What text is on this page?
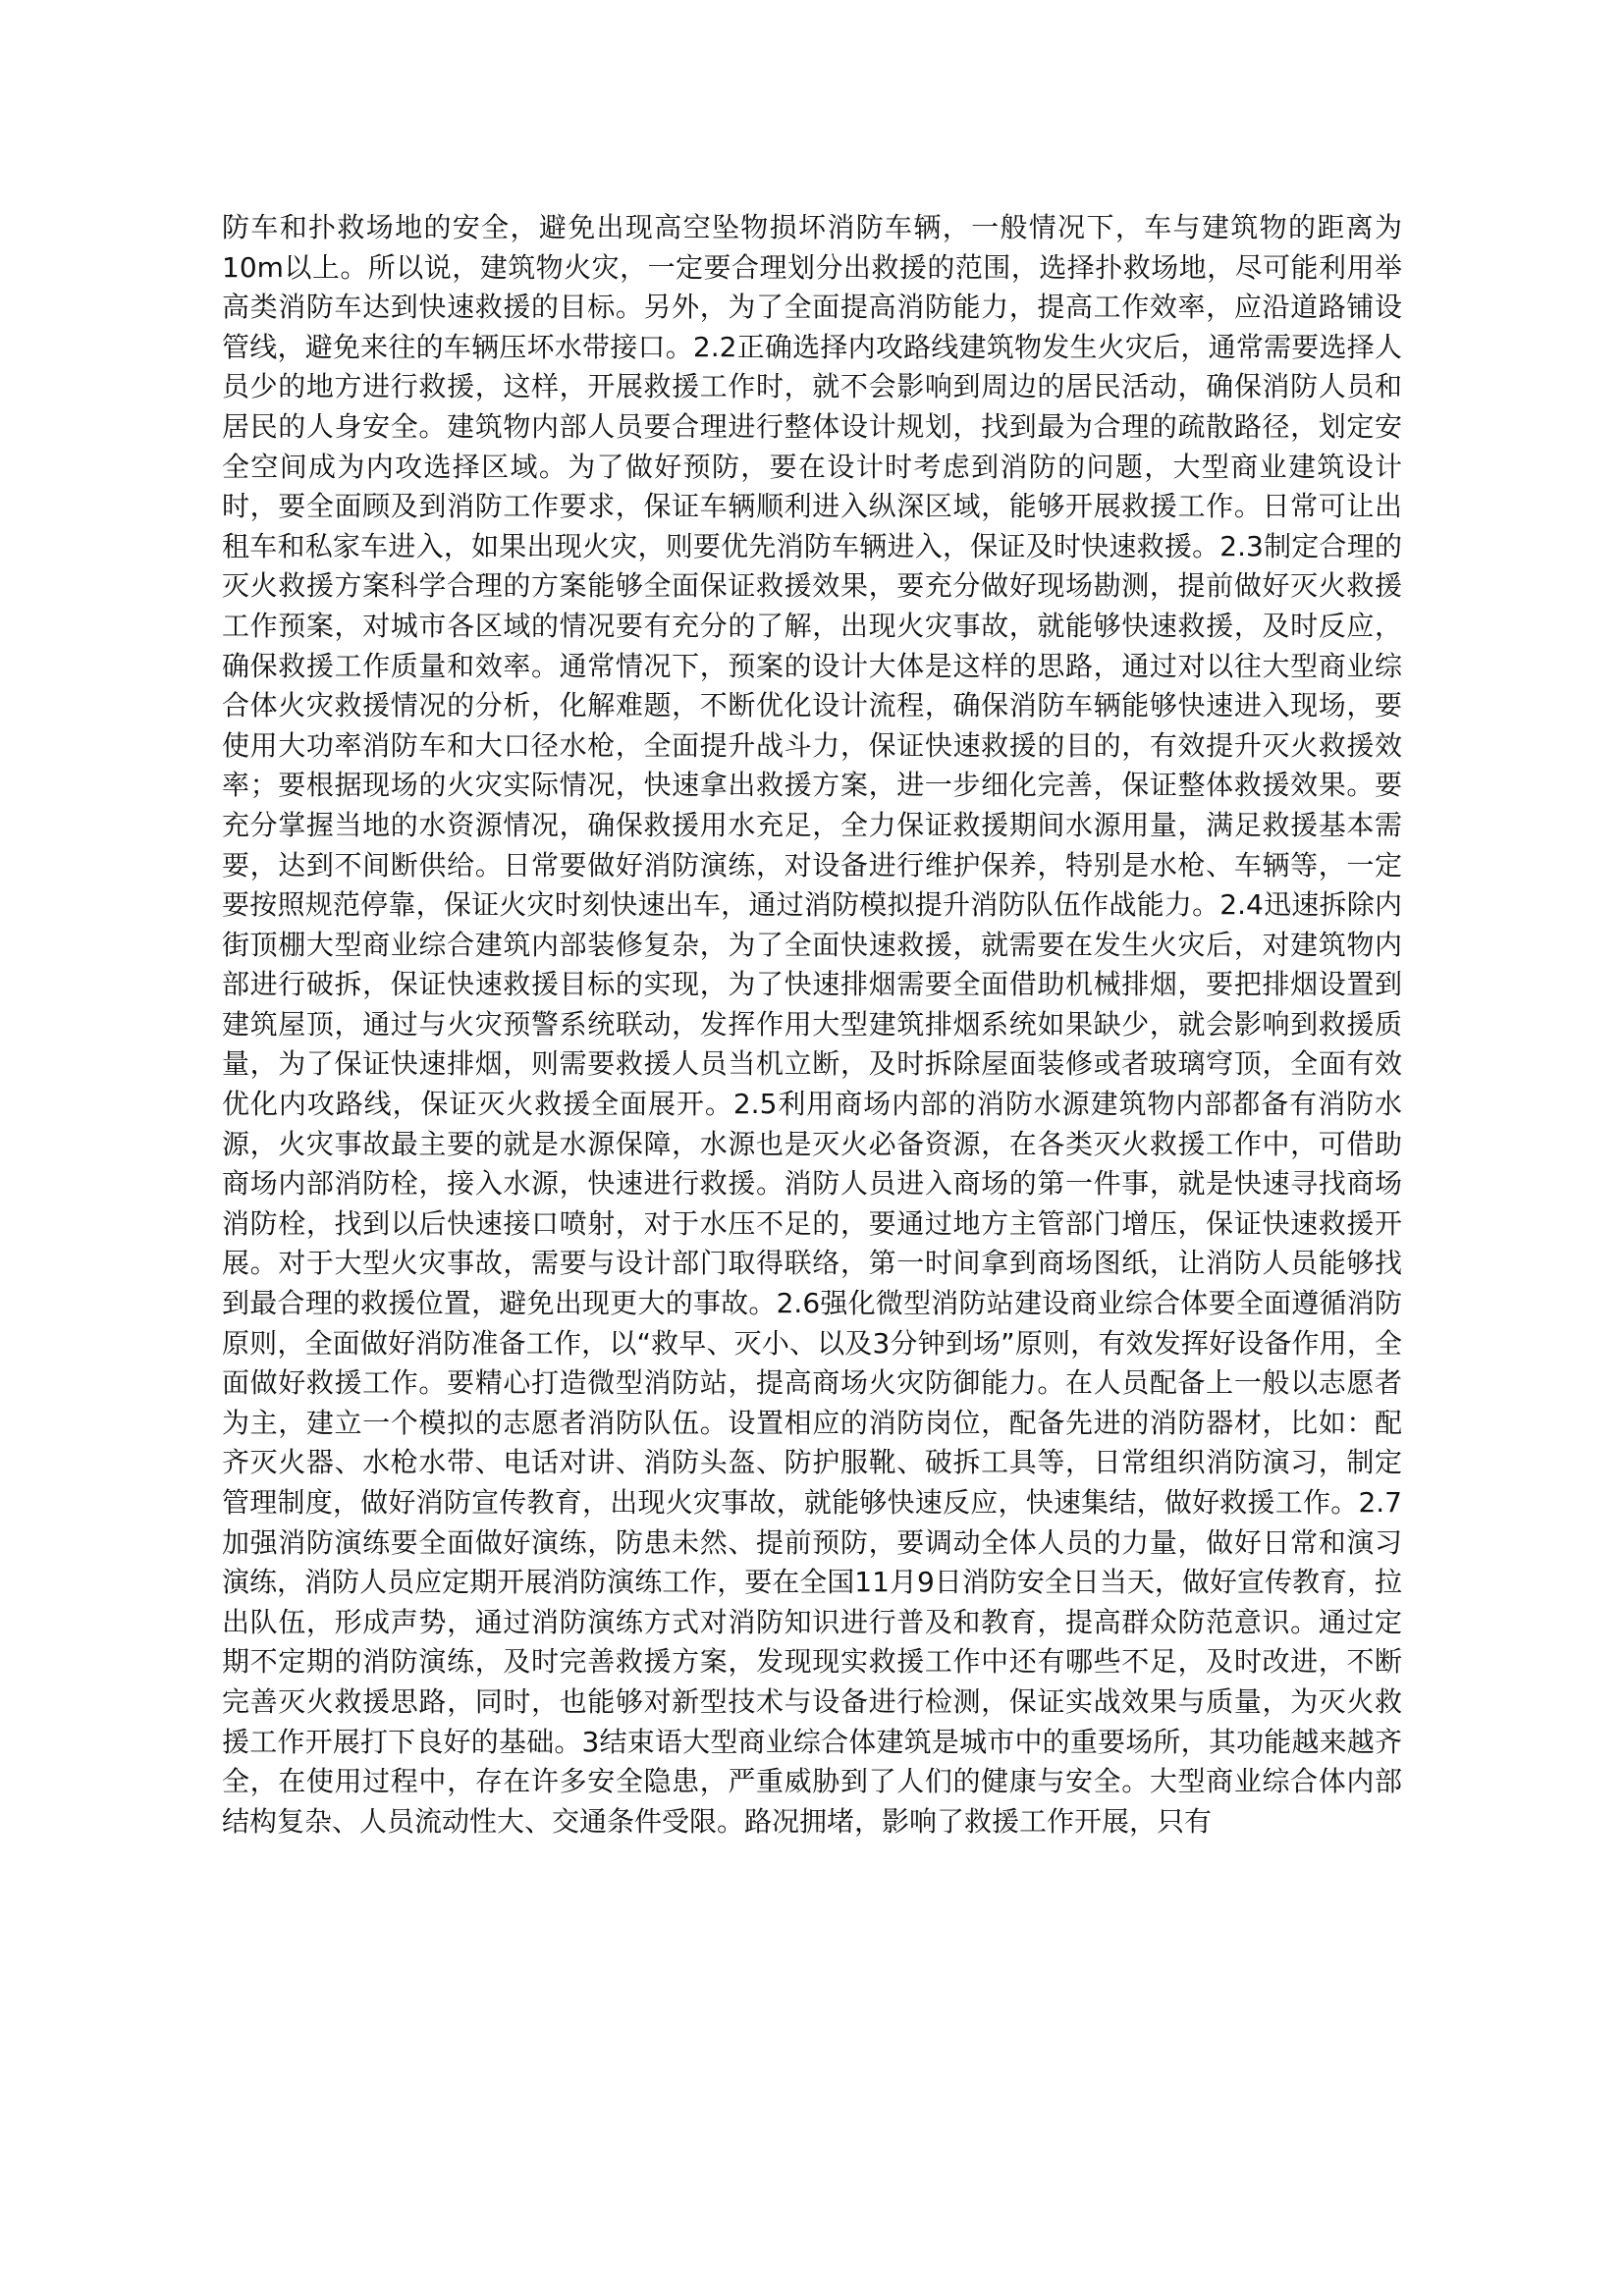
防车和扑救场地的安全，避免出现高空坠物损坏消防车辆，一般情况下，车与建筑物的距离为10m以上。所以说，建筑物火灾，一定要合理划分出救援的范围，选择扑救场地，尽可能利用举高类消防车达到快速救援的目标。另外，为了全面提高消防能力，提高工作效率，应沿道路铺设管线，避免来往的车辆压坏水带接口。2.2正确选择内攻路线建筑物发生火灾后，通常需要选择人员少的地方进行救援，这样，开展救援工作时，就不会影响到周边的居民活动，确保消防人员和居民的人身安全。建筑物内部人员要合理进行整体设计规划，找到最为合理的疏散路径，划定安全空间成为内攻选择区域。为了做好预防，要在设计时考虑到消防的问题，大型商业建筑设计时，要全面顾及到消防工作要求，保证车辆顺利进入纵深区域，能够开展救援工作。日常可让出租车和私家车进入，如果出现火灾，则要优先消防车辆进入，保证及时快速救援。2.3制定合理的灭火救援方案科学合理的方案能够全面保证救援效果，要充分做好现场勘测，提前做好灭火救援工作预案，对城市各区域的情况要有充分的了解，出现火灾事故，就能够快速救援，及时反应，确保救援工作质量和效率。通常情况下，预案的设计大体是这样的思路，通过对以往大型商业综合体火灾救援情况的分析，化解难题，不断优化设计流程，确保消防车辆能够快速进入现场，要使用大功率消防车和大口径水枪，全面提升战斗力，保证快速救援的目的，有效提升灭火救援效率；要根据现场的火灾实际情况，快速拿出救援方案，进一步细化完善，保证整体救援效果。要充分掌握当地的水资源情况，确保救援用水充足，全力保证救援期间水源用量，满足救援基本需要，达到不间断供给。日常要做好消防演练，对设备进行维护保养，特别是水枪、车辆等，一定要按照规范停靠，保证火灾时刻快速出车，通过消防模拟提升消防队伍作战能力。2.4迅速拆除内街顶棚大型商业综合建筑内部装修复杂，为了全面快速救援，就需要在发生火灾后，对建筑物内部进行破拆，保证快速救援目标的实现，为了快速排烟需要全面借助机械排烟，要把排烟设置到建筑屋顶，通过与火灾预警系统联动，发挥作用大型建筑排烟系统如果缺少，就会影响到救援质量，为了保证快速排烟，则需要救援人员当机立断，及时拆除屋面装修或者玻璃穹顶，全面有效优化内攻路线，保证灭火救援全面展开。2.5利用商场内部的消防水源建筑物内部都备有消防水源，火灾事故最主要的就是水源保障，水源也是灭火必备资源，在各类灭火救援工作中，可借助商场内部消防栓，接入水源，快速进行救援。消防人员进入商场的第一件事，就是快速寻找商场消防栓，找到以后快速接口喷射，对于水压不足的，要通过地方主管部门增压，保证快速救援开展。对于大型火灾事故，需要与设计部门取得联络，第一时间拿到商场图纸，让消防人员能够找到最合理的救援位置，避免出现更大的事故。2.6强化微型消防站建设商业综合体要全面遵循消防原则，全面做好消防准备工作，以“救早、灭小、以及3分钟到场”原则，有效发挥好设备作用，全面做好救援工作。要精心打造微型消防站，提高商场火灾防御能力。在人员配备上一般以志愿者为主，建立一个模拟的志愿者消防队伍。设置相应的消防岗位，配备先进的消防器材，比如：配齐灭火器、水枪水带、电话对讲、消防头盔、防护服靴、破拆工具等，日常组织消防演习，制定管理制度，做好消防宣传教育，出现火灾事故，就能够快速反应，快速集结，做好救援工作。2.7加强消防演练要全面做好演练，防患未然、提前预防，要调动全体人员的力量，做好日常和演习演练，消防人员应定期开展消防演练工作，要在全国11月9日消防安全日当天，做好宣传教育，拉出队伍，形成声势，通过消防演练方式对消防知识进行普及和教育，提高群众防范意识。通过定期不定期的消防演练，及时完善救援方案，发现现实救援工作中还有哪些不足，及时改进，不断完善灭火救援思路，同时，也能够对新型技术与设备进行检测，保证实战效果与质量，为灭火救援工作开展打下良好的基础。3结束语大型商业综合体建筑是城市中的重要场所，其功能越来越齐全，在使用过程中，存在许多安全隐患，严重威胁到了人们的健康与安全。大型商业综合体内部结构复杂、人员流动性大、交通条件受限。路况拥堵，影响了救援工作开展，只有
